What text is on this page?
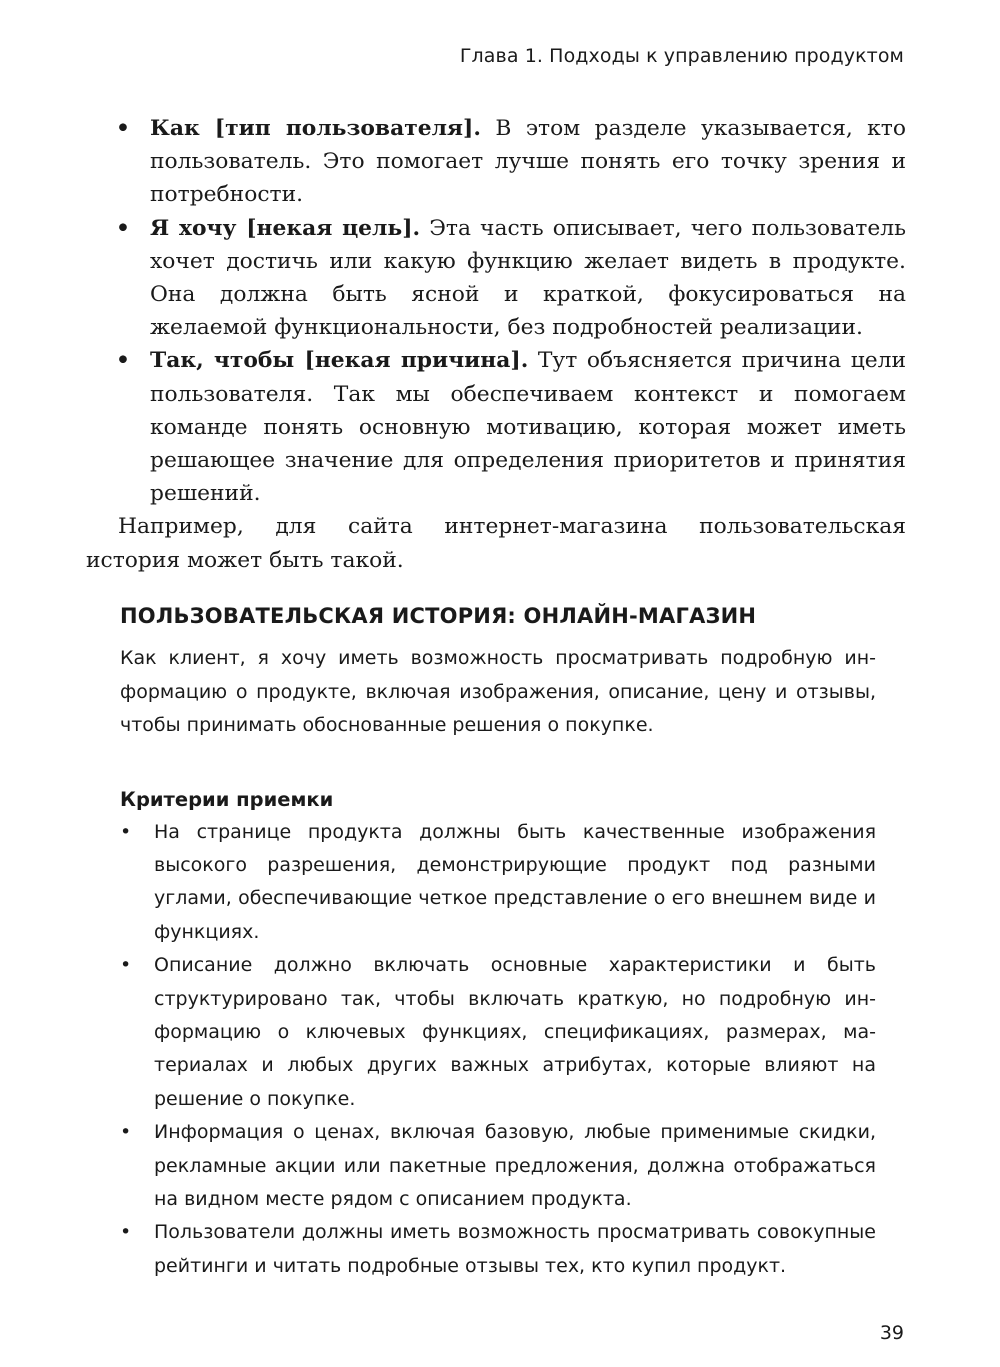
Глава 1. Подходы к управлению продуктом
• Как [тип пользователя]. В этом разделе указывается, кто пользователь. Это помогает лучше понять его точку зрения и потребности.
• Я хочу [некая цель]. Эта часть описывает, чего пользователь хочет достичь или какую функцию желает видеть в продукте. Она должна быть ясной и краткой, фокусироваться на желаемой функциональности, без подробностей реализации.
• Так, чтобы [некая причина]. Тут объясняется причина цели пользователя. Так мы обеспечиваем контекст и помогаем команде понять основную мотивацию, которая может иметь решающее значение для определения приоритетов и принятия решений.

Например, для сайта интернет-магазина пользовательская история может быть такой.

ПОЛЬЗОВАТЕЛЬСКАЯ ИСТОРИЯ: ОНЛАЙН-МАГАЗИН

Как клиент, я хочу иметь возможность просматривать подробную информацию о продукте, включая изображения, описание, цену и отзывы, чтобы принимать обоснованные решения о покупке.

Критерии приемки
• На странице продукта должны быть качественные изображения высокого разрешения, демонстрирующие продукт под разными углами, обеспечивающие четкое представление о его внешнем виде и функциях.
• Описание должно включать основные характеристики и быть структурировано так, чтобы включать краткую, но подробную информацию о ключевых функциях, спецификациях, размерах, материалах и любых других важных атрибутах, которые влияют на решение о покупке.
• Информация о ценах, включая базовую, любые применимые скидки, рекламные акции или пакетные предложения, должна отображаться на видном месте рядом с описанием продукта.
• Пользователи должны иметь возможность просматривать совокупные рейтинги и читать подробные отзывы тех, кто купил продукт.
39
